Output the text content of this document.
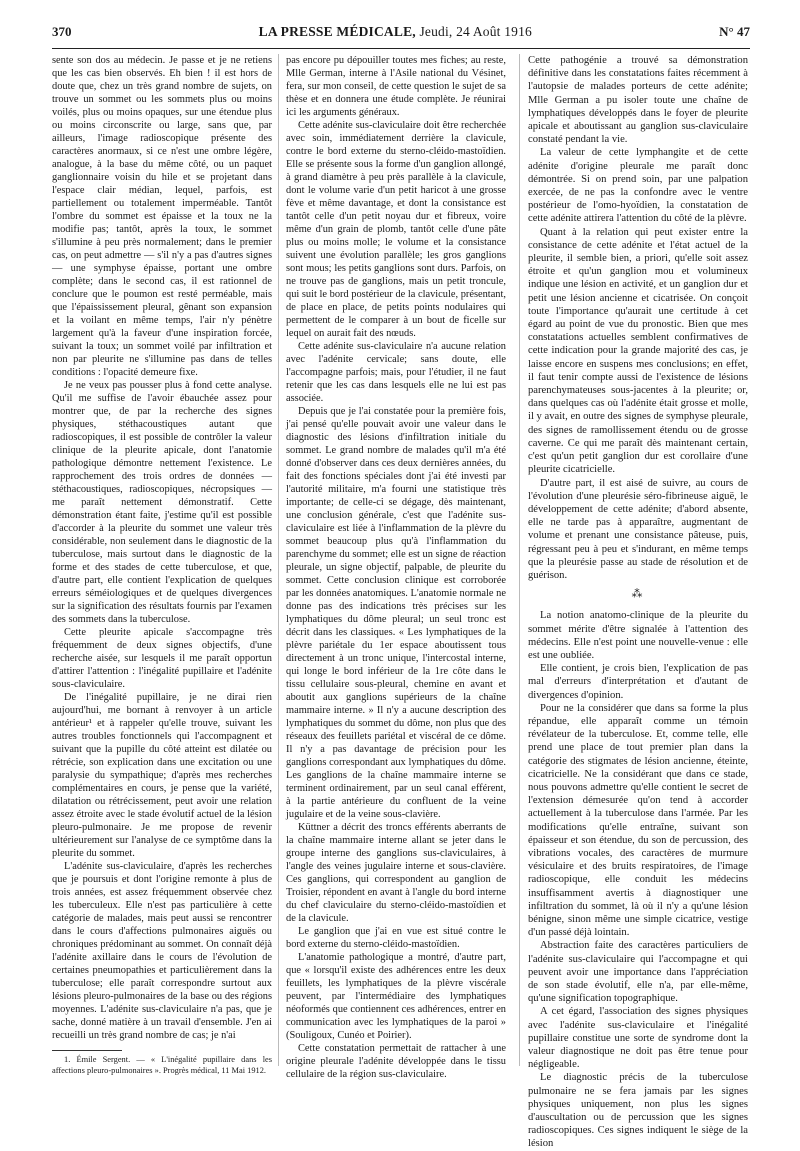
370	LA PRESSE MÉDICALE, Jeudi, 24 Août 1916	N° 47

sente son dos au médecin. Je passe et je ne retiens que les cas bien observés. Eh bien ! il est hors de doute que, chez un très grand nombre de sujets, on trouve un sommet ou les sommets plus ou moins voilés, plus ou moins opaques, sur une étendue plus ou moins circonscrite ou large, sans que, par ailleurs, l'image radioscopique présente des caractères anormaux, si ce n'est une ombre légère, analogue, à la base du même côté, ou un paquet ganglionnaire voisin du hile et se projetant dans l'espace clair médian, lequel, parfois, est partiellement ou totalement imperméable. Tantôt l'ombre du sommet est épaisse et la toux ne la modifie pas; tantôt, après la toux, le sommet s'illumine à peu près normalement; dans le premier cas, on peut admettre — s'il n'y a pas d'autres signes — une symphyse épaisse, portant une ombre complète; dans le second cas, il est rationnel de conclure que le poumon est resté perméable, mais que l'épaississement pleural, gênant son expansion et la voilant en même temps, l'air n'y pénètre largement qu'à la faveur d'une inspiration forcée, suivant la toux; un sommet voilé par infiltration et non par pleurite ne s'illumine pas dans de telles conditions : l'opacité demeure fixe.

Je ne veux pas pousser plus à fond cette analyse. Qu'il me suffise de l'avoir ébauchée assez pour montrer que, de par la recherche des signes physiques, stéthacoustiques autant que radioscopiques, il est possible de contrôler la valeur clinique de la pleurite apicale, dont l'anatomie pathologique démontre nettement l'existence. Le rapprochement des trois ordres de données — stéthacoustiques, radioscopiques, nécropsiques — me paraît nettement démonstratif. Cette démonstration étant faite, j'estime qu'il est possible d'accorder à la pleurite du sommet une valeur très considérable, non seulement dans le diagnostic de la tuberculose, mais surtout dans le diagnostic de la forme et des stades de cette tuberculose, et que, d'autre part, elle contient l'explication de quelques erreurs séméiologiques et de quelques divergences sur la signification des résultats fournis par l'examen des sommets dans la tuberculose.

Cette pleurite apicale s'accompagne très fréquemment de deux signes objectifs, d'une recherche aisée, sur lesquels il me paraît opportun d'attirer l'attention : l'inégalité pupillaire et l'adénite sous-claviculaire.

De l'inégalité pupillaire, je ne dirai rien aujourd'hui, me bornant à renvoyer à un article antérieur¹ et à rappeler qu'elle trouve, suivant les autres troubles fonctionnels qui l'accompagnent et suivant que la pupille du côté atteint est dilatée ou rétrécie, son explication dans une excitation ou une paralysie du sympathique; d'après mes recherches complémentaires en cours, je pense que la variété, dilatation ou rétrécissement, peut avoir une relation assez étroite avec le stade évolutif actuel de la lésion pleuro-pulmonaire. Je me propose de revenir ultérieurement sur l'analyse de ce symptôme dans la pleurite du sommet.

L'adénite sus-claviculaire, d'après les recherches que je poursuis et dont l'origine remonte à plus de trois années, est assez fréquemment observée chez les tuberculeux. Elle n'est pas particulière à cette catégorie de malades, mais peut aussi se rencontrer dans le cours d'affections pulmonaires aiguës ou chroniques prédominant au sommet. On connaît déjà l'adénite axillaire dans le cours de l'évolution de certaines pneumopathies et particulièrement dans la tuberculose; elle paraît correspondre surtout aux lésions pleuro-pulmonaires de la base ou des régions moyennes. L'adénite sus-claviculaire n'a pas, que je sache, donné matière à un travail d'ensemble. J'en ai recueilli un très grand nombre de cas; je n'ai

1. Émile Sergent. — « L'inégalité pupillaire dans les affections pleuro-pulmonaires ». Progrès médical, 11 Mai 1912.

pas encore pu dépouiller toutes mes fiches; au reste, Mlle German, interne à l'Asile national du Vésinet, fera, sur mon conseil, de cette question le sujet de sa thèse et en donnera une étude complète. Je réunirai ici les arguments généraux.

Cette adénite sus-claviculaire doit être recherchée avec soin, immédiatement derrière la clavicule, contre le bord externe du sterno-cléido-mastoïdien. Elle se présente sous la forme d'un ganglion allongé, à grand diamètre à peu près parallèle à la clavicule, dont le volume varie d'un petit haricot à une grosse fève et même davantage, et dont la consistance est tantôt celle d'un petit noyau dur et fibreux, voire même d'un grain de plomb, tantôt celle d'une pâte plus ou moins molle; le volume et la consistance suivent une évolution parallèle; les gros ganglions sont mous; les petits ganglions sont durs. Parfois, on ne trouve pas de ganglions, mais un petit troncule, qui suit le bord postérieur de la clavicule, présentant, de place en place, de petits points nodulaires qui permettent de le comparer à un bout de ficelle sur lequel on aurait fait des nœuds.

Cette adénite sus-claviculaire n'a aucune relation avec l'adénite cervicale; sans doute, elle l'accompagne parfois; mais, pour l'étudier, il ne faut retenir que les cas dans lesquels elle ne lui est pas associée.

Depuis que je l'ai constatée pour la première fois, j'ai pensé qu'elle pouvait avoir une valeur dans le diagnostic des lésions d'infiltration initiale du sommet. Le grand nombre de malades qu'il m'a été donné d'observer dans ces deux dernières années, du fait des fonctions spéciales dont j'ai été investi par l'autorité militaire, m'a fourni une statistique très importante; de celle-ci se dégage, dès maintenant, une conclusion générale, c'est que l'adénite sus-claviculaire est liée à l'inflammation de la plèvre du sommet beaucoup plus qu'à l'inflammation du parenchyme du sommet; elle est un signe de réaction pleurale, un signe objectif, palpable, de pleurite du sommet. Cette conclusion clinique est corroborée par les données anatomiques. L'anatomie normale ne donne pas des indications très précises sur les lymphatiques du dôme pleural; un seul tronc est décrit dans les classiques. « Les lymphatiques de la plèvre pariétale du 1er espace aboutissent tous directement à un tronc unique, l'intercostal interne, qui longe le bord inférieur de la 1re côte dans le tissu cellulaire sous-pleural, chemine en avant et aboutit aux ganglions supérieurs de la chaîne mammaire interne. » Il n'y a aucune description des lymphatiques du sommet du dôme, non plus que des réseaux des feuillets pariétal et viscéral de ce dôme. Il n'y a pas davantage de précision pour les ganglions correspondant aux lymphatiques du dôme. Les ganglions de la chaîne mammaire interne se terminent ordinairement, par un seul canal efférent, à la partie antérieure du confluent de la veine jugulaire et de la veine sous-clavière.

Küttner a décrit des troncs efférents aberrants de la chaîne mammaire interne allant se jeter dans le groupe interne des ganglions sus-claviculaires, à l'angle des veines jugulaire interne et sous-clavière. Ces ganglions, qui correspondent au ganglion de Troisier, répondent en avant à l'angle du bord interne du chef claviculaire du sterno-cléido-mastoïdien et de la clavicule.

Le ganglion que j'ai en vue est situé contre le bord externe du sterno-cléido-mastoïdien.

L'anatomie pathologique a montré, d'autre part, que « lorsqu'il existe des adhérences entre les deux feuillets, les lymphatiques de la plèvre viscérale peuvent, par l'intermédiaire des lymphatiques néoformés que contiennent ces adhérences, entrer en communication avec les lymphatiques de la paroi » (Souligoux, Cunéo et Poirier).

Cette constatation permettait de rattacher à une origine pleurale l'adénite développée dans le tissu cellulaire de la région sus-claviculaire.

Cette pathogénie a trouvé sa démonstration définitive dans les constatations faites récemment à l'autopsie de malades porteurs de cette adénite; Mlle German a pu isoler toute une chaîne de lymphatiques développés dans le foyer de pleurite apicale et aboutissant au ganglion sus-claviculaire constaté pendant la vie.

La valeur de cette lymphangite et de cette adénite d'origine pleurale me paraît donc démontrée. Si on prend soin, par une palpation exercée, de ne pas la confondre avec le ventre postérieur de l'omo-hyoïdien, la constatation de cette adénite attirera l'attention du côté de la plèvre.

Quant à la relation qui peut exister entre la consistance de cette adénite et l'état actuel de la pleurite, il semble bien, a priori, qu'elle soit assez étroite et qu'un ganglion mou et volumineux indique une lésion en activité, et un ganglion dur et petit une lésion ancienne et cicatrisée. On conçoit toute l'importance qu'aurait une certitude à cet égard au point de vue du pronostic. Bien que mes constatations actuelles semblent confirmatives de cette indication pour la grande majorité des cas, je laisse encore en suspens mes conclusions; en effet, il faut tenir compte aussi de l'existence de lésions parenchymateuses sous-jacentes à la pleurite; or, dans quelques cas où l'adénite était grosse et molle, il y avait, en outre des signes de symphyse pleurale, des signes de ramollissement étendu ou de grosse caverne. Ce qui me paraît dès maintenant certain, c'est qu'un petit ganglion dur est corollaire d'une pleurite cicatricielle.

D'autre part, il est aisé de suivre, au cours de l'évolution d'une pleurésie séro-fibrineuse aiguë, le développement de cette adénite; d'abord absente, elle ne tarde pas à apparaître, augmentant de volume et prenant une consistance pâteuse, puis, régressant peu à peu et s'indurant, en même temps que la pleurésie passe au stade de résolution et de guérison.

⁂

La notion anatomo-clinique de la pleurite du sommet mérite d'être signalée à l'attention des médecins. Elle n'est point une nouvelle-venue : elle est une oubliée.

Elle contient, je crois bien, l'explication de pas mal d'erreurs d'interprétation et d'autant de divergences d'opinion.

Pour ne la considérer que dans sa forme la plus répandue, elle apparaît comme un témoin révélateur de la tuberculose. Et, comme telle, elle prend une place de tout premier plan dans la catégorie des stigmates de lésion ancienne, éteinte, cicatricielle. Ne la considérant que dans ce stade, nous pouvons admettre qu'elle contient le secret de l'extension démesurée qu'on tend à accorder actuellement à la tuberculose dans l'armée. Par les modifications qu'elle entraîne, suivant son épaisseur et son étendue, du son de percussion, des vibrations vocales, des caractères de murmure vésiculaire et des bruits respiratoires, de l'image radioscopique, elle conduit les médecins insuffisamment avertis à diagnostiquer une infiltration du sommet, là où il n'y a qu'une lésion bénigne, sinon même une simple cicatrice, vestige d'un passé déjà lointain.

Abstraction faite des caractères particuliers de l'adénite sus-claviculaire qui l'accompagne et qui peuvent avoir une importance dans l'appréciation de son stade évolutif, elle n'a, par elle-même, qu'une signification topographique.

A cet égard, l'association des signes physiques avec l'adénite sus-claviculaire et l'inégalité pupillaire constitue une sorte de syndrome dont la valeur diagnostique ne doit pas être tenue pour négligeable.

Le diagnostic précis de la tuberculose pulmonaire ne se fera jamais par les signes physiques uniquement, non plus les signes d'auscultation ou de percussion que les signes radioscopiques. Ces signes indiquent le siège de la lésion
